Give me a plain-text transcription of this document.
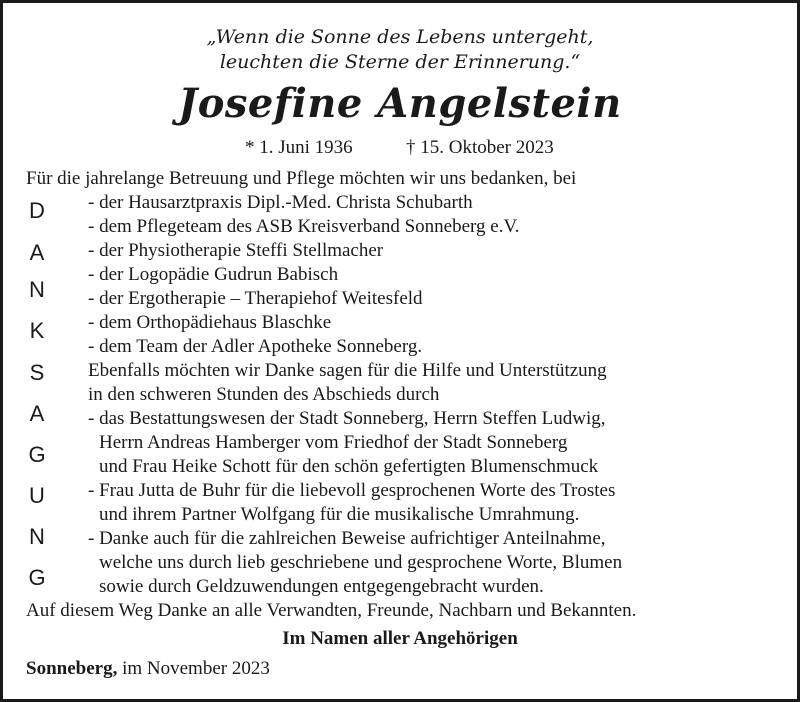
„Wenn die Sonne des Lebens untergeht,
leuchten die Sterne der Erinnerung.“
Josefine Angelstein
* 1. Juni 1936	† 15. Oktober 2023
Für die jahrelange Betreuung und Pflege möchten wir uns bedanken, bei
- der Hausarztpraxis Dipl.-Med. Christa Schubarth
- dem Pflegeteam des ASB Kreisverband Sonneberg e.V.
- der Physiotherapie Steffi Stellmacher
- der Logopädie Gudrun Babisch
- der Ergotherapie – Therapiehof Weitesfeld
- dem Orthopädiehaus Blaschke
- dem Team der Adler Apotheke Sonneberg.
Ebenfalls möchten wir Danke sagen für die Hilfe und Unterstützung
in den schweren Stunden des Abschieds durch
- das Bestattungswesen der Stadt Sonneberg, Herrn Steffen Ludwig,
Herrn Andreas Hamberger vom Friedhof der Stadt Sonneberg
und Frau Heike Schott für den schön gefertigten Blumenschmuck
- Frau Jutta de Buhr für die liebevoll gesprochenen Worte des Trostes
und ihrem Partner Wolfgang für die musikalische Umrahmung.
- Danke auch für die zahlreichen Beweise aufrichtiger Anteilnahme,
welche uns durch lieb geschriebene und gesprochene Worte, Blumen
sowie durch Geldzuwendungen entgegengebracht wurden.
Auf diesem Weg Danke an alle Verwandten, Freunde, Nachbarn und Bekannten.
Im Namen aller Angehörigen
Sonneberg, im November 2023
D
A
N
K
S
A
G
U
N
G
